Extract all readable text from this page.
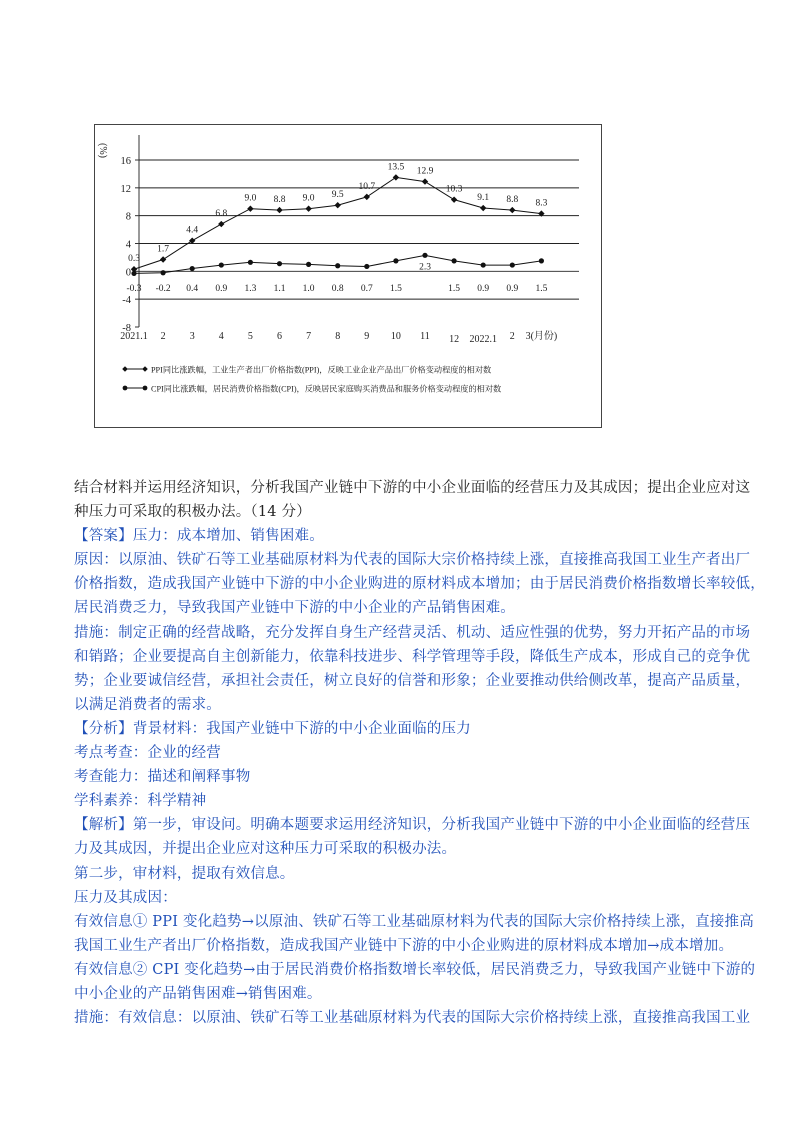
(%)
16
12
8
4
0
-4
-8
2021.1 2 3 4 5 6 7 8 9 10 11 12 2022.1 2 3(月份)
0.3
1.7
4.4
6.8
9.0 8.8 9.0 9.5
10.7
13.5 12.9
10.3
9.1 8.8 8.3
-0.3 -0.2 0.4 0.9 1.3 1.1 1.0 0.8 0.7 1.5
2.3
1.5 0.9 0.9 1.5
PPI同比涨跌幅，工业生产者出厂价格指数(PPI)，反映工业企业产品出厂价格变动程度的相对数
CPI同比涨跌幅，居民消费价格指数(CPI)，反映居民家庭购买消费品和服务价格变动程度的相对数
结合材料并运用经济知识，分析我国产业链中下游的中小企业面临的经营压力及其成因；提出企业应对这
种压力可采取的积极办法。（14 分）
【答案】压力：成本增加、销售困难。
原因：以原油、铁矿石等工业基础原材料为代表的国际大宗价格持续上涨，直接推高我国工业生产者出厂
价格指数，造成我国产业链中下游的中小企业购进的原材料成本增加；由于居民消费价格指数增长率较低，
居民消费乏力，导致我国产业链中下游的中小企业的产品销售困难。
措施：制定正确的经营战略，充分发挥自身生产经营灵活、机动、适应性强的优势，努力开拓产品的市场
和销路；企业要提高自主创新能力，依靠科技进步、科学管理等手段，降低生产成本，形成自己的竞争优
势；企业要诚信经营，承担社会责任，树立良好的信誉和形象；企业要推动供给侧改革，提高产品质量，
以满足消费者的需求。
【分析】背景材料：我国产业链中下游的中小企业面临的压力
考点考查：企业的经营
考查能力：描述和阐释事物
学科素养：科学精神
【解析】第一步，审设问。明确本题要求运用经济知识，分析我国产业链中下游的中小企业面临的经营压
力及其成因，并提出企业应对这种压力可采取的积极办法。
第二步，审材料，提取有效信息。
压力及其成因：
有效信息① PPI 变化趋势→以原油、铁矿石等工业基础原材料为代表的国际大宗价格持续上涨，直接推高
我国工业生产者出厂价格指数，造成我国产业链中下游的中小企业购进的原材料成本增加→成本增加。
有效信息② CPI 变化趋势→由于居民消费价格指数增长率较低，居民消费乏力，导致我国产业链中下游的
中小企业的产品销售困难→销售困难。
措施：有效信息：以原油、铁矿石等工业基础原材料为代表的国际大宗价格持续上涨，直接推高我国工业
